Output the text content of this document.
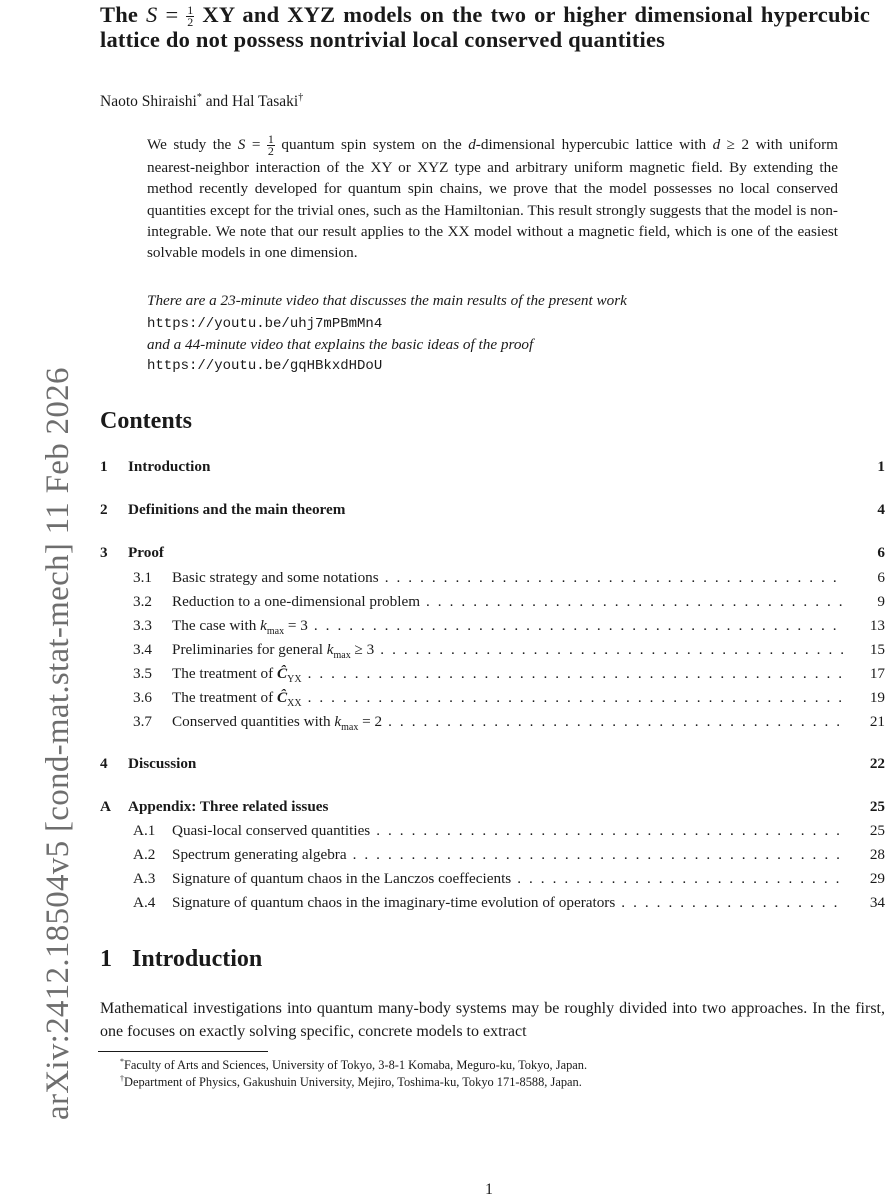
arXiv:2412.18504v5 [cond-mat.stat-mech] 11 Feb 2026
The $S = \frac{1}{2}$ XY and XYZ models on the two or higher dimensional hypercubic lattice do not possess nontrivial local conserved quantities
Naoto Shiraishi* and Hal Tasaki†
We study the $S = \frac{1}{2}$ quantum spin system on the d-dimensional hypercubic lattice with d ≥ 2 with uniform nearest-neighbor interaction of the XY or XYZ type and arbitrary uniform magnetic field. By extending the method recently developed for quantum spin chains, we prove that the model possesses no local conserved quantities except for the trivial ones, such as the Hamiltonian. This result strongly suggests that the model is non-integrable. We note that our result applies to the XX model without a magnetic field, which is one of the easiest solvable models in one dimension.
There are a 23-minute video that discusses the main results of the present work
https://youtu.be/uhj7mPBmMn4
and a 44-minute video that explains the basic ideas of the proof
https://youtu.be/gqHBkxdHDoU
Contents
1 Introduction	1
2 Definitions and the main theorem	4
3 Proof	6
3.1 Basic strategy and some notations . . .	6
3.2 Reduction to a one-dimensional problem . . .	9
3.3 The case with $k_{max} = 3$ . . .	13
3.4 Preliminaries for general $k_{max} \ge 3$ . . .	15
3.5 The treatment of $Ĉ_{YX}$ . . .	17
3.6 The treatment of $Ĉ_{XX}$ . . .	19
3.7 Conserved quantities with $k_{max} = 2$ . . .	21
4 Discussion	22
A Appendix: Three related issues	25
A.1 Quasi-local conserved quantities . . .	25
A.2 Spectrum generating algebra . . .	28
A.3 Signature of quantum chaos in the Lanczos coeffecients . . .	29
A.4 Signature of quantum chaos in the imaginary-time evolution of operators . . .	34
1 Introduction
Mathematical investigations into quantum many-body systems may be roughly divided into two approaches. In the first, one focuses on exactly solving specific, concrete models to extract
*Faculty of Arts and Sciences, University of Tokyo, 3-8-1 Komaba, Meguro-ku, Tokyo, Japan.
†Department of Physics, Gakushuin University, Mejiro, Toshima-ku, Tokyo 171-8588, Japan.
1
